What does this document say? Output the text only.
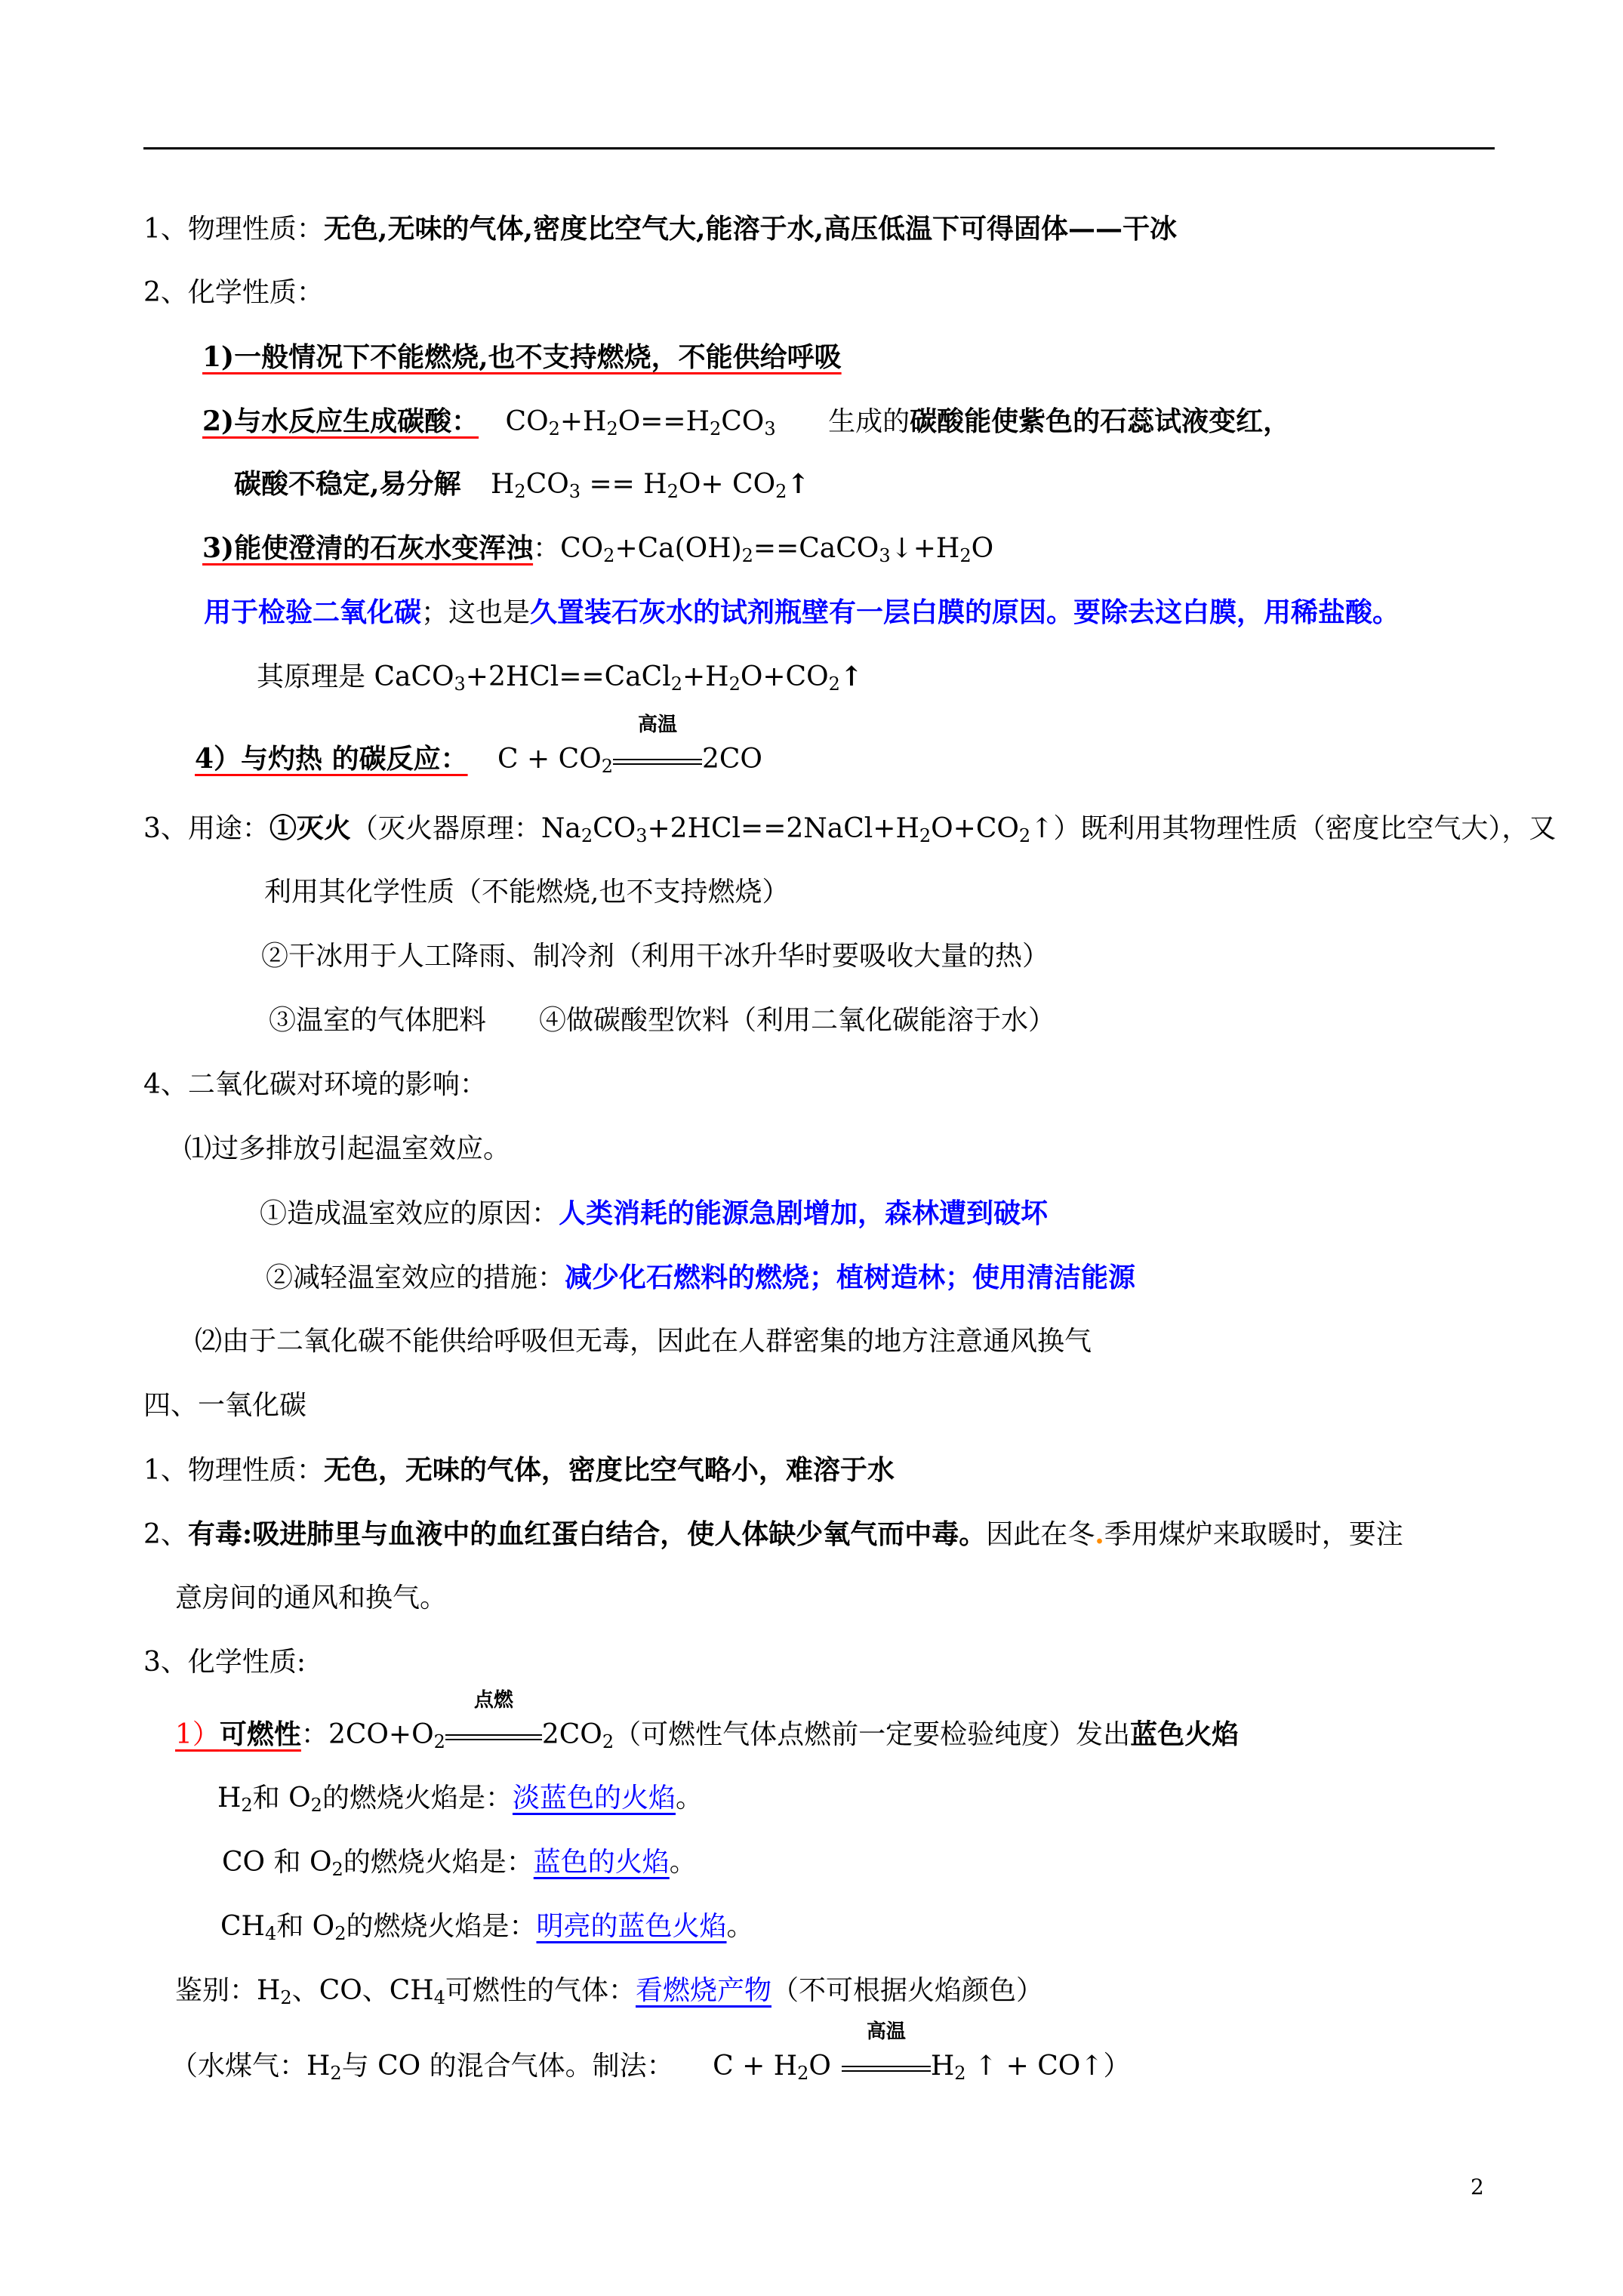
1、物理性质：无色,无味的气体,密度比空气大,能溶于水,高压低温下可得固体——干冰
2、化学性质：
1)一般情况下不能燃烧,也不支持燃烧，不能供给呼吸
2)与水反应生成碳酸： $CO_2+H_2O==H_2CO_3$ 生成的碳酸能使紫色的石蕊试液变红，
碳酸不稳定,易分解 $H_2CO_3 == H_2O+$ $CO_2↑$
3)能使澄清的石灰水变浑浊：$CO_2+Ca(OH)_2==CaCO_3↓+H_2O$
用于检验二氧化碳；这也是久置装石灰水的试剂瓶壁有一层白膜的原因。要除去这白膜，用稀盐酸。
其原理是 $CaCO_3+2HCl==CaCl_2+H_2O+CO_2↑$
4）与灼热 的碳反应： $C + CO_2$
高温
2CO
3、用途：①灭火（灭火器原理：$Na_2CO_3+2HCl==2NaCl+H_2O+CO_2↑$）既利用其物理性质（密度比空气大），又
利用其化学性质（不能燃烧,也不支持燃烧）
②干冰用于人工降雨、制冷剂（利用干冰升华时要吸收大量的热）
③温室的气体肥料 ④做碳酸型饮料（利用二氧化碳能溶于水）
4、二氧化碳对环境的影响：
⑴过多排放引起温室效应。
①造成温室效应的原因：人类消耗的能源急剧增加，森林遭到破坏
②减轻温室效应的措施：减少化石燃料的燃烧；植树造林；使用清洁能源
⑵由于二氧化碳不能供给呼吸但无毒，因此在人群密集的地方注意通风换气
四、一氧化碳
1、物理性质：无色，无味的气体，密度比空气略小，难溶于水
2、有毒:吸进肺里与血液中的血红蛋白结合，使人体缺少氧气而中毒。因此在冬.季用煤炉来取暖时，要注
意房间的通风和换气。
3、化学性质:
1）可燃性：$2CO+O_2$
点燃
$2CO_2$（可燃性气体点燃前一定要检验纯度）发出蓝色火焰
$H_2$和 $O_2$的燃烧火焰是：淡蓝色的火焰。
CO 和 $O_2$的燃烧火焰是：蓝色的火焰。
$CH_4$和 $O_2$的燃烧火焰是：明亮的蓝色火焰。
鉴别：$H_2$、CO、$CH_4$可燃性的气体：看燃烧产物（不可根据火焰颜色）
（水煤气：$H_2$与 CO 的混合气体。制法： $C + H_2O$
高温
$H_2$ ↑ + CO↑）
2
